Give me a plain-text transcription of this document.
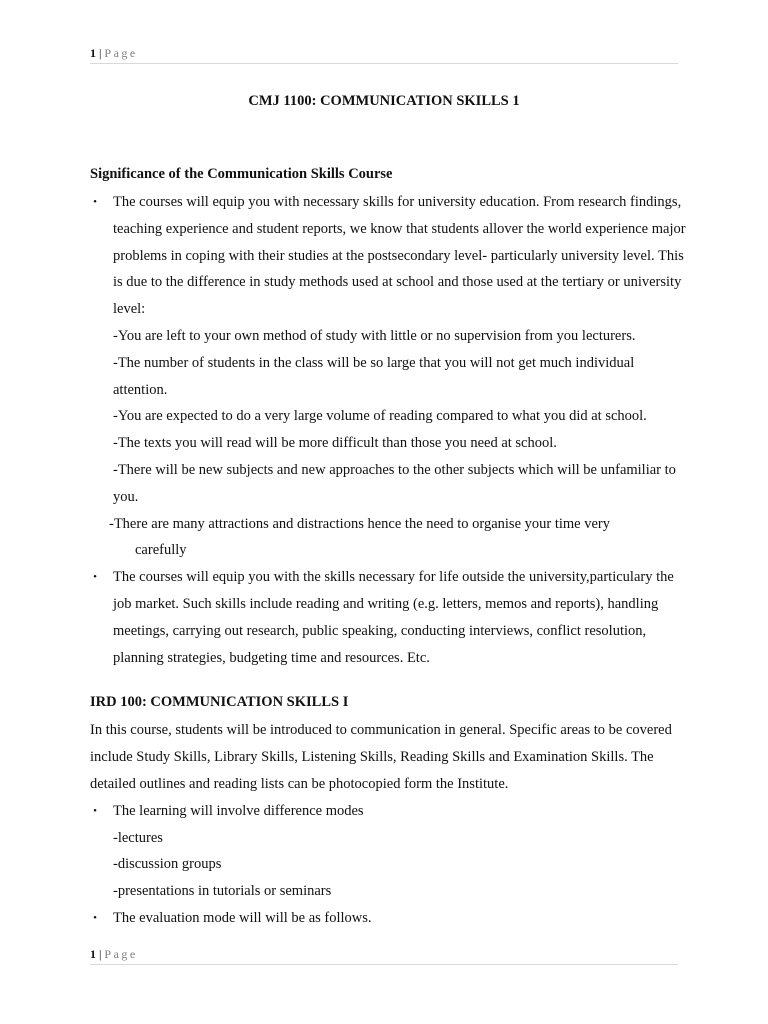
1 | Page
CMJ 1100: COMMUNICATION SKILLS 1
Significance of the Communication Skills Course
• The courses will equip you with necessary skills for university education. From research findings, teaching experience and student reports, we know that students allover the world experience major problems in coping with their studies at the postsecondary level- particularly university level. This is due to the difference in study methods used at school and those used at the tertiary or university level:
-You are left to your own method of study with little or no supervision from you lecturers.
-The number of students in the class will be so large that you will not get much individual attention.
-You are expected to do a very large volume of reading compared to what you did at school.
-The texts you will read will be more difficult than those you need at school.
-There will be new subjects and new approaches to the other subjects which will be unfamiliar to you.
-There are many attractions and distractions hence the need to organise your time very
carefully
• The courses will equip you with the skills necessary for life outside the university,particulary the job market. Such skills include reading and writing (e.g. letters, memos and reports), handling meetings, carrying out research, public speaking, conducting interviews, conflict resolution, planning strategies, budgeting time and resources. Etc.
IRD 100: COMMUNICATION SKILLS I

In this course, students will be introduced to communication in general. Specific areas to be covered include Study Skills, Library Skills, Listening Skills, Reading Skills and Examination Skills. The detailed outlines and reading lists can be photocopied form the Institute.

• The learning will involve difference modes
-lectures
-discussion groups
-presentations in tutorials or seminars
• The evaluation mode will will be as follows.
1 | Page
